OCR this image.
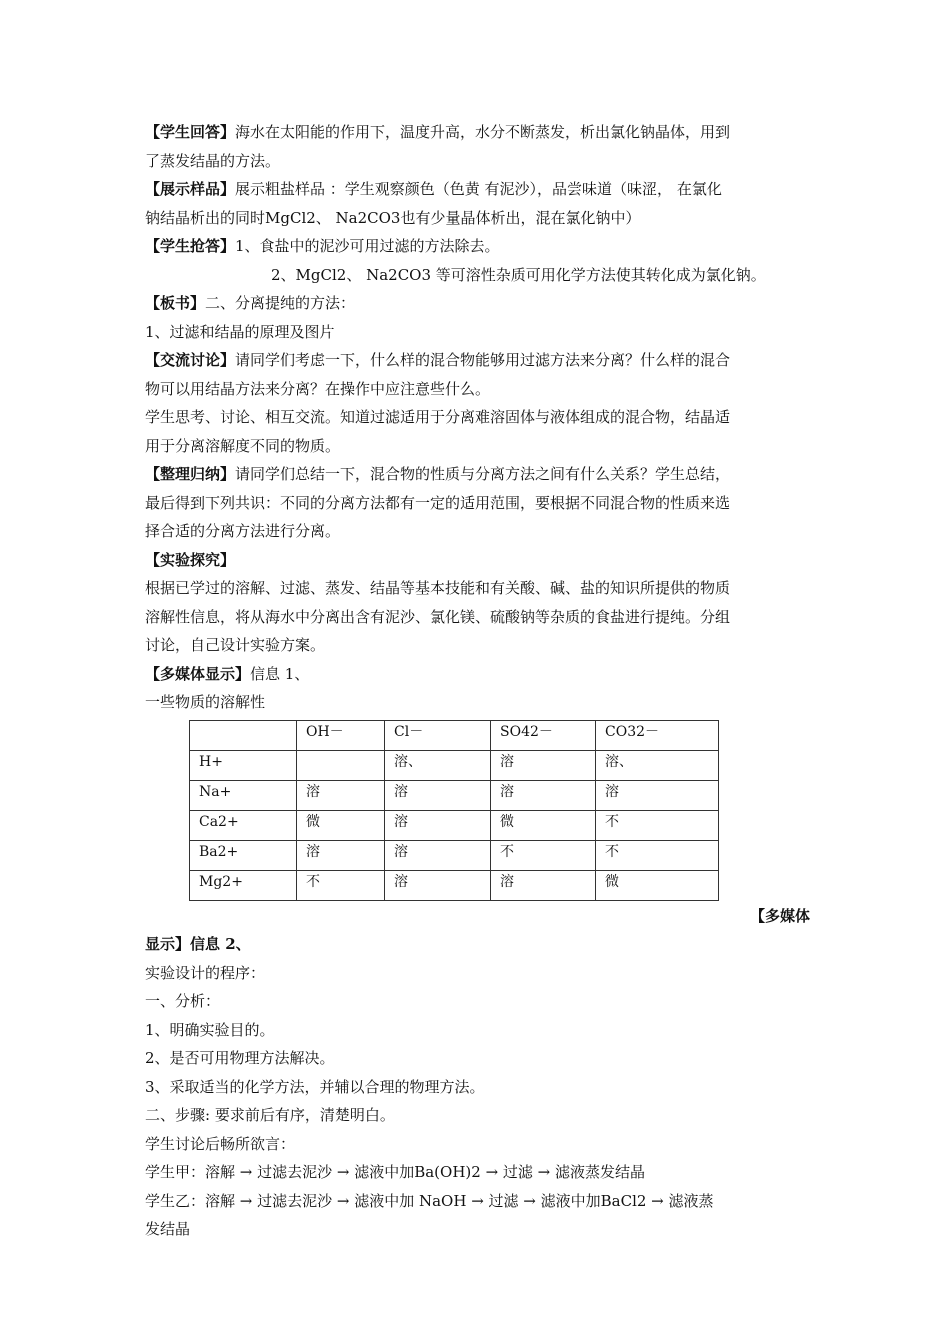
【学生回答】海水在太阳能的作用下，温度升高，水分不断蒸发，析出氯化钠晶体，用到
了蒸发结晶的方法。
【展示样品】展示粗盐样品 ：学生观察颜色（色黄 有泥沙），品尝味道（味涩， 在氯化
钠结晶析出的同时MgCl2、 Na2CO3也有少量晶体析出，混在氯化钠中）
【学生抢答】1、食盐中的泥沙可用过滤的方法除去。
2、MgCl2、 Na2CO3 等可溶性杂质可用化学方法使其转化成为氯化钠。
【板书】二、分离提纯的方法：
1、过滤和结晶的原理及图片
【交流讨论】请同学们考虑一下，什么样的混合物能够用过滤方法来分离？什么样的混合
物可以用结晶方法来分离？在操作中应注意些什么。
学生思考、讨论、相互交流。知道过滤适用于分离难溶固体与液体组成的混合物，结晶适
用于分离溶解度不同的物质。
【整理归纳】请同学们总结一下，混合物的性质与分离方法之间有什么关系？学生总结，
最后得到下列共识：不同的分离方法都有一定的适用范围，要根据不同混合物的性质来选
择合适的分离方法进行分离。
【实验探究】
根据已学过的溶解、过滤、蒸发、结晶等基本技能和有关酸、碱、盐的知识所提供的物质
溶解性信息，将从海水中分离出含有泥沙、氯化镁、硫酸钠等杂质的食盐进行提纯。分组
讨论，自己设计实验方案。
【多媒体显示】信息 1、
一些物质的溶解性
	OH－	Cl－	SO42－	CO32－
H+		溶、	溶	溶、
Na+	溶	溶	溶	溶
Ca2+	微	溶	微	不
Ba2+	溶	溶	不	不
Mg2+	不	溶	溶	微
【多媒体
显示】信息 2、
实验设计的程序：
一、分析：
1、明确实验目的。
2、是否可用物理方法解决。
3、采取适当的化学方法，并辅以合理的物理方法。
二、步骤: 要求前后有序，清楚明白。
学生讨论后畅所欲言：
学生甲：溶解 → 过滤去泥沙 → 滤液中加Ba(OH)2 → 过滤 → 滤液蒸发结晶
学生乙：溶解 → 过滤去泥沙 → 滤液中加 NaOH → 过滤 → 滤液中加BaCl2 → 滤液蒸
发结晶
